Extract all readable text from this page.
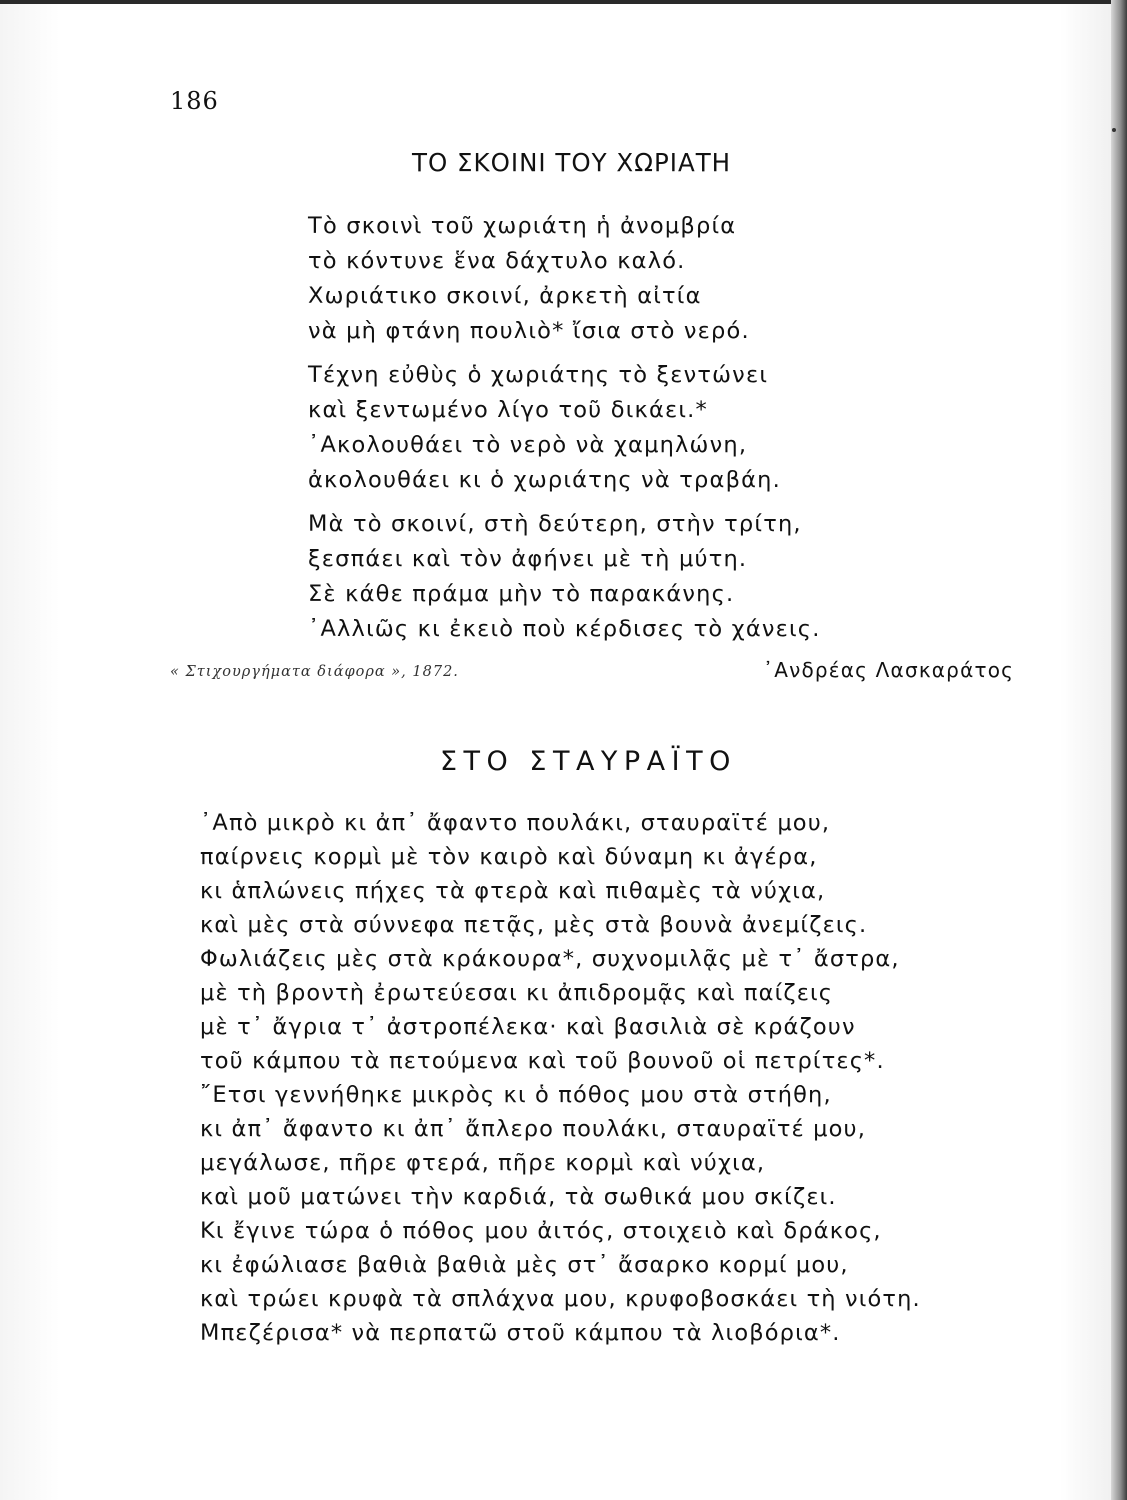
186
ΤΟ ΣΚΟΙΝΙ ΤΟΥ ΧΩΡΙΑΤΗ
Τὸ σκοινὶ τοῦ χωριάτη ἡ ἀνομβρία
τὸ κόντυνε ἕνα δάχτυλο καλό.
Χωριάτικο σκοινί, ἀρκετὴ αἰτία
νὰ μὴ φτάνη πουλιὸ* ἴσια στὸ νερό.
Τέχνη εὐθὺς ὁ χωριάτης τὸ ξεντώνει
καὶ ξεντωμένο λίγο τοῦ δικάει.*
᾿Ακολουθάει τὸ νερὸ νὰ χαμηλώνη,
ἀκολουθάει κι ὁ χωριάτης νὰ τραβάη.
Μὰ τὸ σκοινί, στὴ δεύτερη, στὴν τρίτη,
ξεσπάει καὶ τὸν ἀφήνει μὲ τὴ μύτη.
Σὲ κάθε πράμα μὴν τὸ παρακάνης.
᾿Αλλιῶς κι ἐκειὸ ποὺ κέρδισες τὸ χάνεις.
« Στιχουργήματα διάφορα », 1872.	᾿Ανδρέας Λασκαράτος
ΣΤΟ ΣΤΑΥΡΑΪΤΟ
᾿Απὸ μικρὸ κι ἀπ᾿ ἄφαντο πουλάκι, σταυραϊτέ μου,
παίρνεις κορμὶ μὲ τὸν καιρὸ καὶ δύναμη κι ἀγέρα,
κι ἁπλώνεις πήχες τὰ φτερὰ καὶ πιθαμὲς τὰ νύχια,
καὶ μὲς στὰ σύννεφα πετᾷς, μὲς στὰ βουνὰ ἀνεμίζεις.
Φωλιάζεις μὲς στὰ κράκουρα*, συχνομιλᾷς μὲ τ᾿ ἄστρα,
μὲ τὴ βροντὴ ἐρωτεύεσαι κι ἀπιδρομᾷς καὶ παίζεις
μὲ τ᾿ ἄγρια τ᾿ ἀστροπέλεκα· καὶ βασιλιὰ σὲ κράζουν
τοῦ κάμπου τὰ πετούμενα καὶ τοῦ βουνοῦ οἱ πετρίτες*.
῎Ετσι γεννήθηκε μικρὸς κι ὁ πόθος μου στὰ στήθη,
κι ἀπ᾿ ἄφαντο κι ἀπ᾿ ἄπλερο πουλάκι, σταυραϊτέ μου,
μεγάλωσε, πῆρε φτερά, πῆρε κορμὶ καὶ νύχια,
καὶ μοῦ ματώνει τὴν καρδιά, τὰ σωθικά μου σκίζει.
Κι ἔγινε τώρα ὁ πόθος μου ἀιτός, στοιχειὸ καὶ δράκος,
κι ἐφώλιασε βαθιὰ βαθιὰ μὲς στ᾿ ἄσαρκο κορμί μου,
καὶ τρώει κρυφὰ τὰ σπλάχνα μου, κρυφοβοσκάει τὴ νιότη.
Μπεζέρισα* νὰ περπατῶ στοῦ κάμπου τὰ λιοβόρια*.
